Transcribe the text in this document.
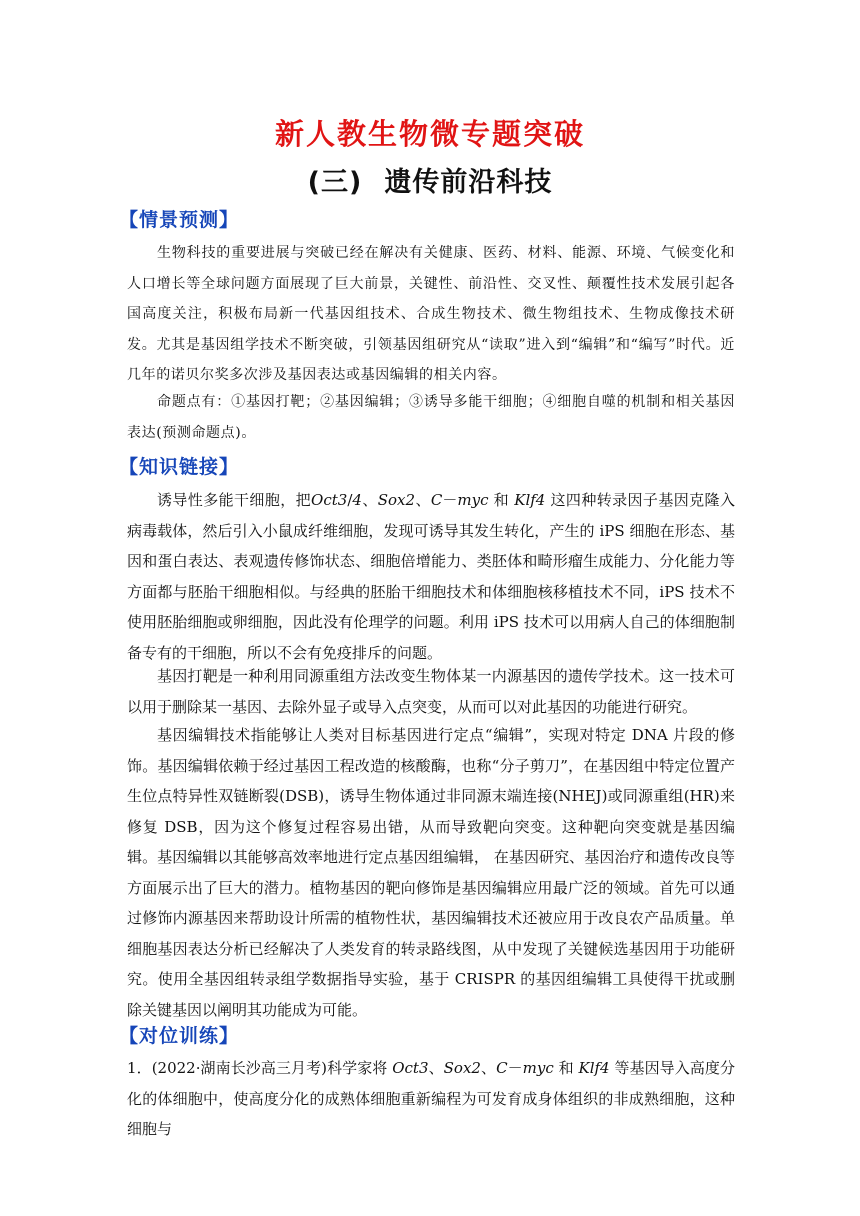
新人教生物微专题突破
(三) 遗传前沿科技
【情景预测】

生物科技的重要进展与突破已经在解决有关健康、医药、材料、能源、环境、气候变化和人口增长等全球问题方面展现了巨大前景，关键性、前沿性、交叉性、颠覆性技术发展引起各国高度关注，积极布局新一代基因组技术、合成生物技术、微生物组技术、生物成像技术研发。尤其是基因组学技术不断突破，引领基因组研究从“读取”进入到“编辑”和“编写”时代。近几年的诺贝尔奖多次涉及基因表达或基因编辑的相关内容。

命题点有：①基因打靶；②基因编辑；③诱导多能干细胞；④细胞自噬的机制和相关基因表达(预测命题点)。

【知识链接】

诱导性多能干细胞，把Oct3/4、Sox2、C－myc 和 Klf4 这四种转录因子基因克隆入病毒载体，然后引入小鼠成纤维细胞，发现可诱导其发生转化，产生的 iPS 细胞在形态、基因和蛋白表达、表观遗传修饰状态、细胞倍增能力、类胚体和畸形瘤生成能力、分化能力等方面都与胚胎干细胞相似。与经典的胚胎干细胞技术和体细胞核移植技术不同，iPS 技术不使用胚胎细胞或卵细胞，因此没有伦理学的问题。利用 iPS 技术可以用病人自己的体细胞制备专有的干细胞，所以不会有免疫排斥的问题。

基因打靶是一种利用同源重组方法改变生物体某一内源基因的遗传学技术。这一技术可以用于删除某一基因、去除外显子或导入点突变，从而可以对此基因的功能进行研究。

基因编辑技术指能够让人类对目标基因进行定点“编辑”，实现对特定 DNA 片段的修饰。基因编辑依赖于经过基因工程改造的核酸酶，也称“分子剪刀”，在基因组中特定位置产生位点特异性双链断裂(DSB)，诱导生物体通过非同源末端连接(NHEJ)或同源重组(HR)来修复 DSB，因为这个修复过程容易出错，从而导致靶向突变。这种靶向突变就是基因编辑。基因编辑以其能够高效率地进行定点基因组编辑， 在基因研究、基因治疗和遗传改良等方面展示出了巨大的潜力。植物基因的靶向修饰是基因编辑应用最广泛的领域。首先可以通过修饰内源基因来帮助设计所需的植物性状，基因编辑技术还被应用于改良农产品质量。单细胞基因表达分析已经解决了人类发育的转录路线图，从中发现了关键候选基因用于功能研究。使用全基因组转录组学数据指导实验，基于 CRISPR 的基因组编辑工具使得干扰或删除关键基因以阐明其功能成为可能。

【对位训练】

1．(2022·湖南长沙高三月考)科学家将 Oct3、Sox2、C－myc 和 Klf4 等基因导入高度分化的体细胞中，使高度分化的成熟体细胞重新编程为可发育成身体组织的非成熟细胞，这种细胞与
